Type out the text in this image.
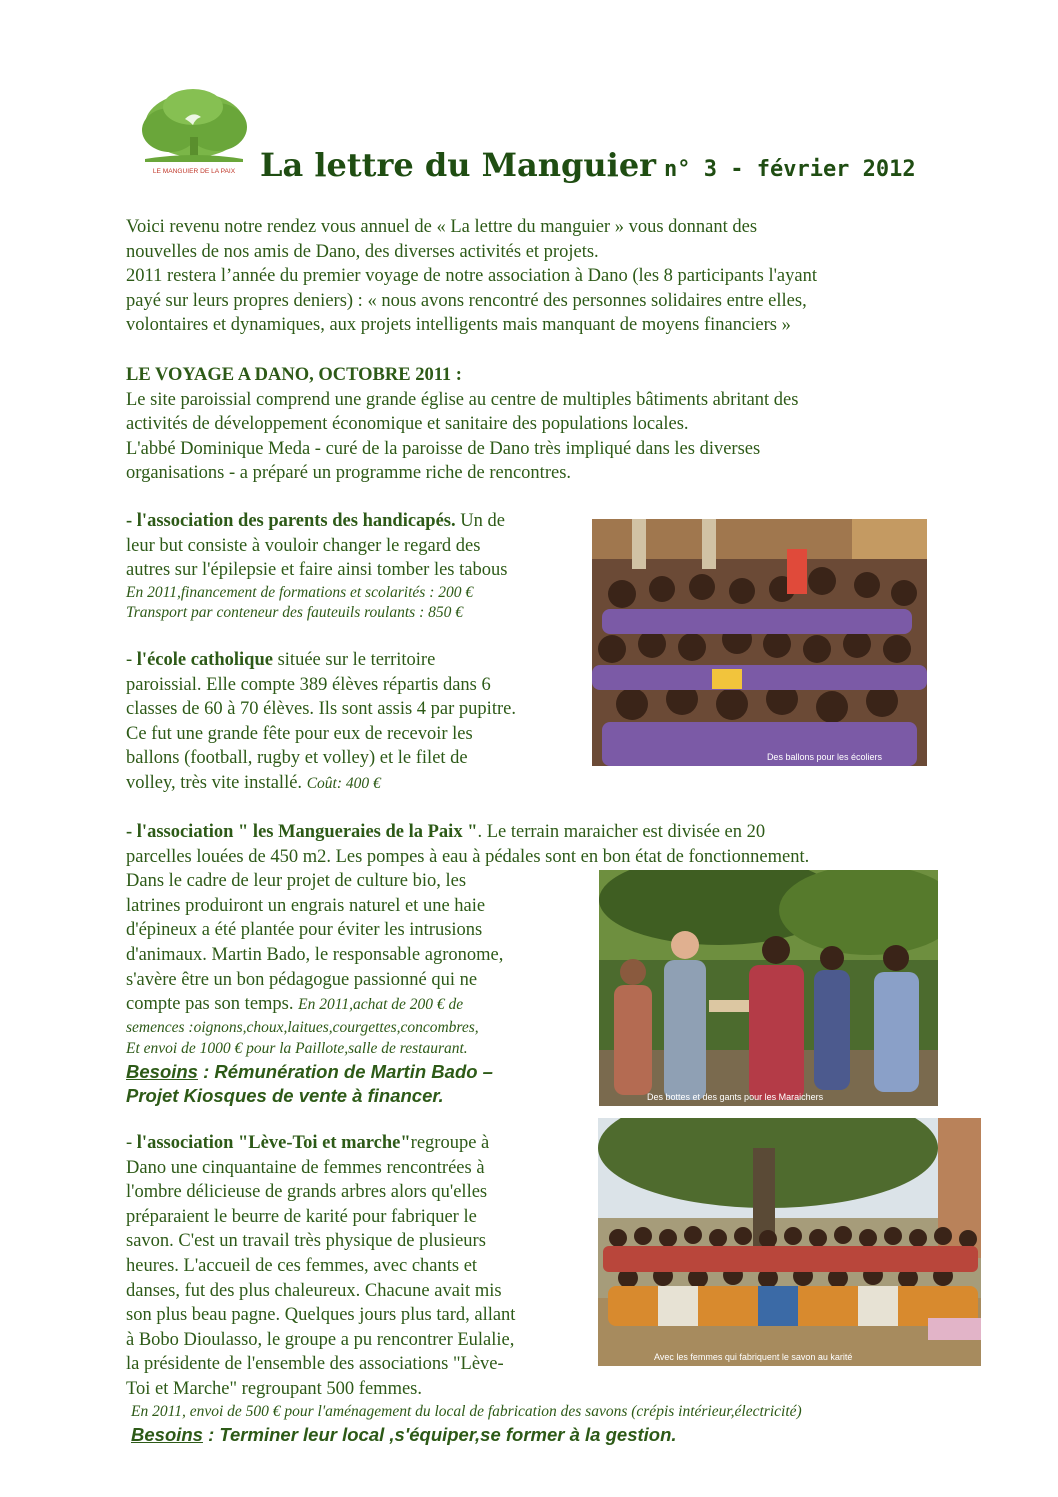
LE MANGUIER DE LA PAIX La lettre du Manguier n° 3 - février 2012
Voici revenu notre rendez vous annuel de « La lettre du manguier » vous donnant des
nouvelles de nos amis de Dano, des diverses activités et projets.
2011 restera l’année du premier voyage de notre association à Dano (les 8 participants l'ayant
payé sur leurs propres deniers) : « nous avons rencontré des personnes solidaires entre elles,
volontaires et dynamiques, aux projets intelligents mais manquant de moyens financiers »
LE VOYAGE A DANO, OCTOBRE 2011 :
Le site paroissial comprend une grande église au centre de multiples bâtiments abritant des
activités de développement économique et sanitaire des populations locales.
L'abbé Dominique Meda - curé de la paroisse de Dano très impliqué dans les diverses
organisations - a préparé un programme riche de rencontres.
- l'association des parents des handicapés. Un de
leur but consiste à vouloir changer le regard des
autres sur l'épilepsie et faire ainsi tomber les tabous
En 2011,financement de formations et scolarités : 200 €
Transport par conteneur des fauteuils roulants : 850 €
- l'école catholique située sur le territoire
paroissial. Elle compte 389 élèves répartis dans 6
classes de 60 à 70 élèves. Ils sont assis 4 par pupitre.
Ce fut une grande fête pour eux de recevoir les
ballons (football, rugby et volley) et le filet de
volley, très vite installé. Coût: 400 €
- l'association " les Mangueraies de la Paix ". Le terrain maraicher est divisée en 20
parcelles louées de 450 m2. Les pompes à eau à pédales sont en bon état de fonctionnement.
Dans le cadre de leur projet de culture bio, les
latrines produiront un engrais naturel et une haie
d'épineux a été plantée pour éviter les intrusions
d'animaux. Martin Bado, le responsable agronome,
s'avère être un bon pédagogue passionné qui ne
compte pas son temps. En 2011,achat de 200 € de
semences :oignons,choux,laitues,courgettes,concombres,
Et envoi de 1000 € pour la Paillote,salle de restaurant.
Besoins : Rémunération de Martin Bado –
Projet Kiosques de vente à financer.
- l'association "Lève-Toi et marche"regroupe à
Dano une cinquantaine de femmes rencontrées à
l'ombre délicieuse de grands arbres alors qu'elles
préparaient le beurre de karité pour fabriquer le
savon. C'est un travail très physique de plusieurs
heures. L'accueil de ces femmes, avec chants et
danses, fut des plus chaleureux. Chacune avait mis
son plus beau pagne. Quelques jours plus tard, allant
à Bobo Dioulasso, le groupe a pu rencontrer Eulalie,
la présidente de l'ensemble des associations "Lève-
Toi et Marche" regroupant 500 femmes.
En 2011, envoi de 500 € pour l'aménagement du local de fabrication des savons (crépis intérieur,électricité)
Besoins : Terminer leur local ,s'équiper,se former à la gestion.
Des ballons pour les écoliers
Des bottes et des gants pour les Maraichers
Avec les femmes qui fabriquent le savon au karité
